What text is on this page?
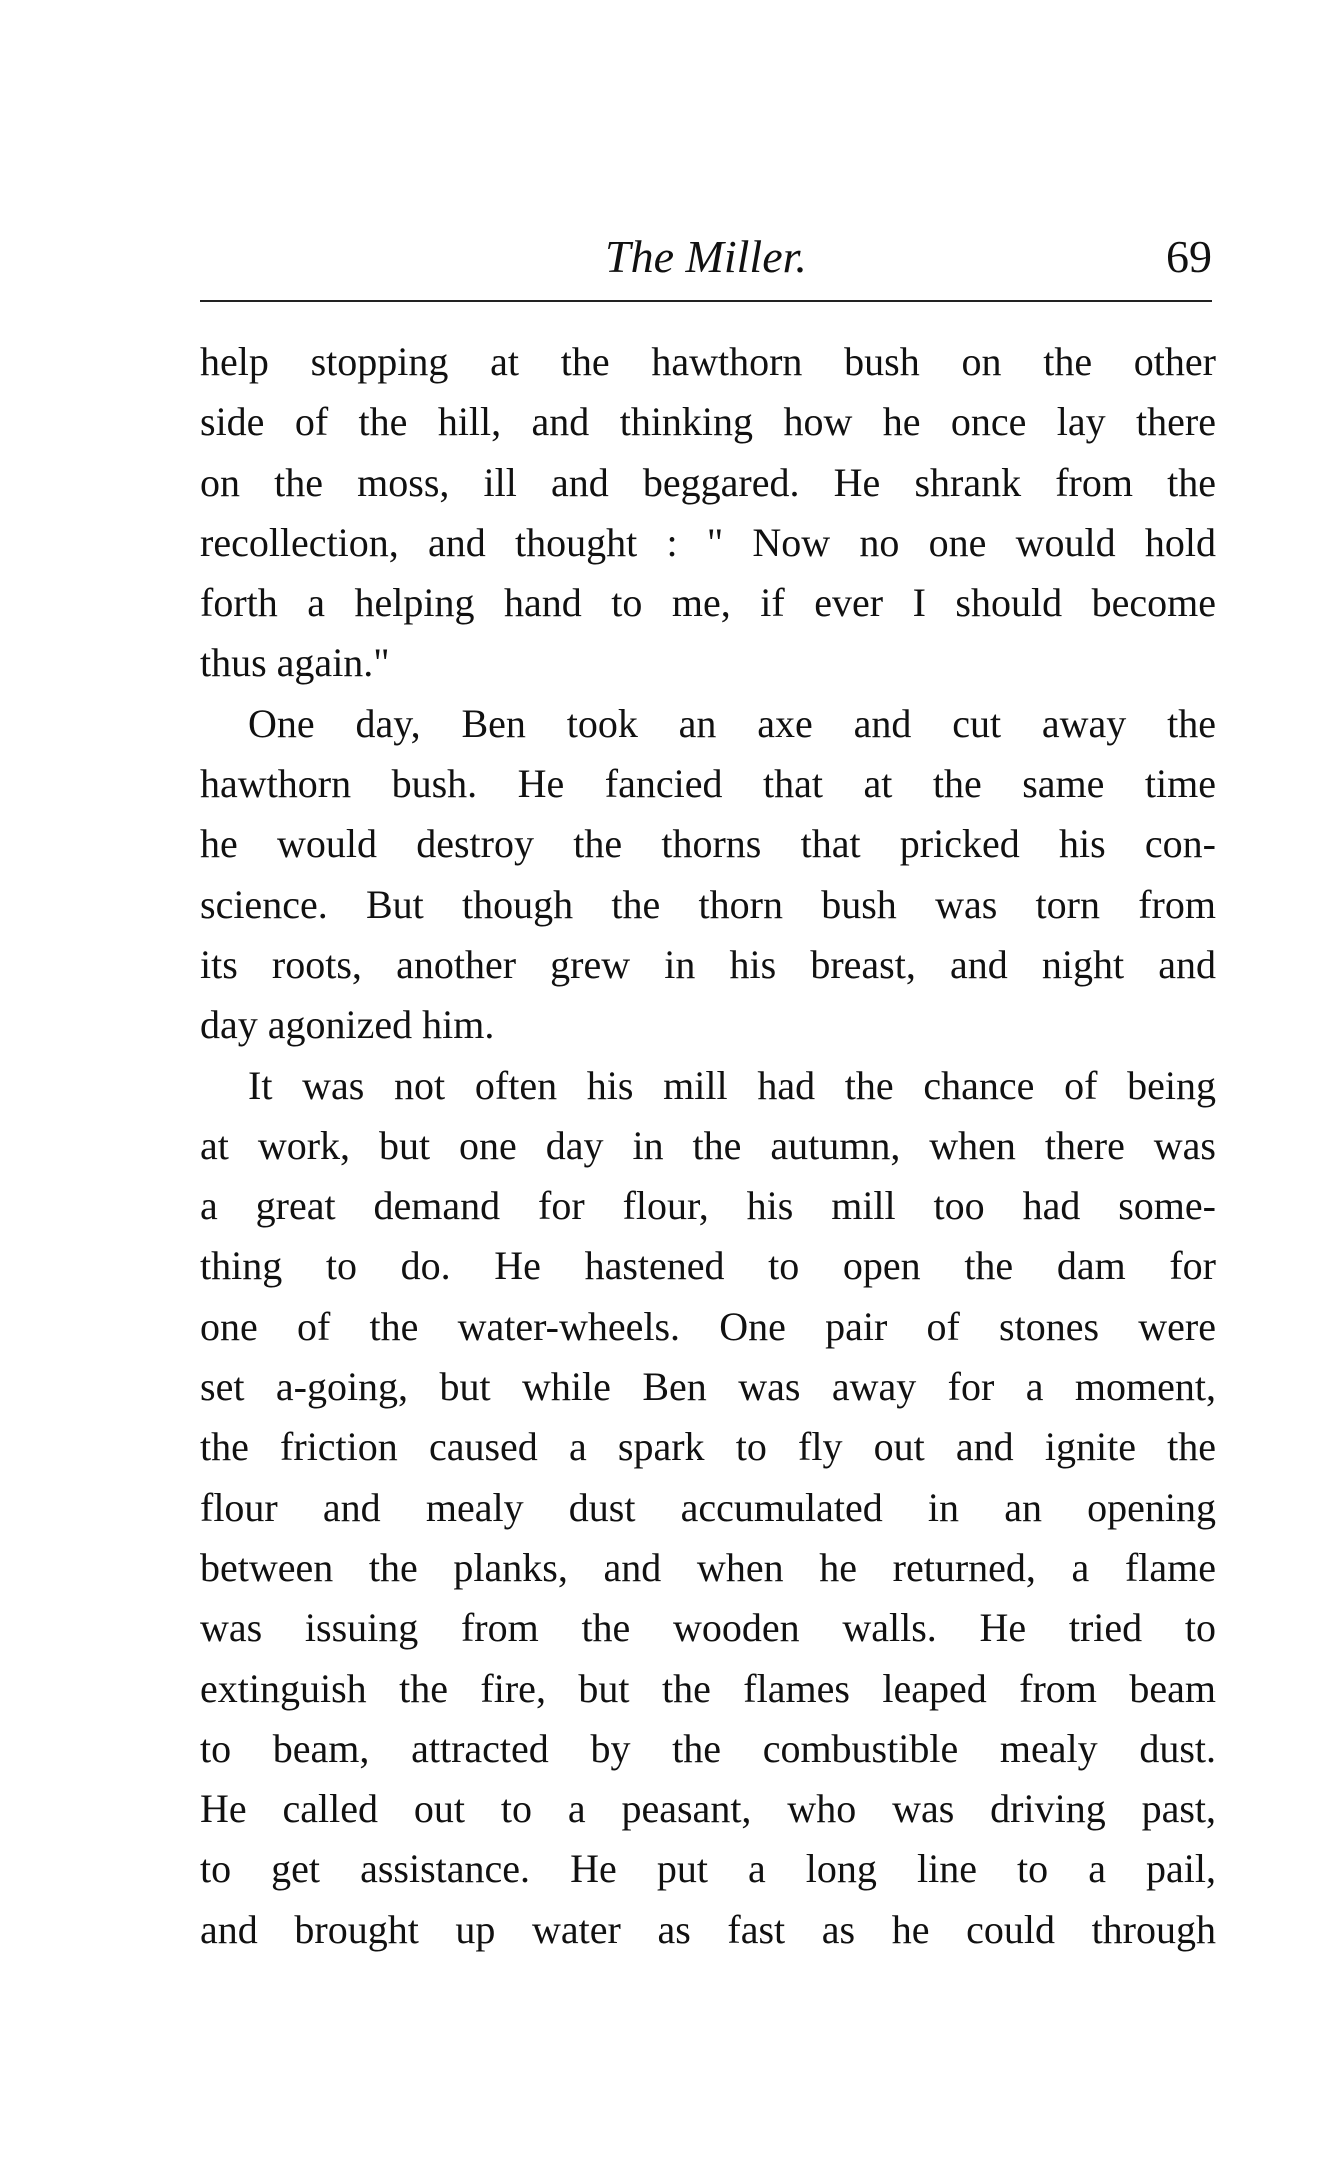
The Miller.	69
help stopping at the hawthorn bush on the other
side of the hill, and thinking how he once lay there
on the moss, ill and beggared. He shrank from the
recollection, and thought : " Now no one would hold
forth a helping hand to me, if ever I should become
thus again."
One day, Ben took an axe and cut away the
hawthorn bush. He fancied that at the same time
he would destroy the thorns that pricked his con-
science. But though the thorn bush was torn from
its roots, another grew in his breast, and night and
day agonized him.
It was not often his mill had the chance of being
at work, but one day in the autumn, when there was
a great demand for flour, his mill too had some-
thing to do. He hastened to open the dam for
one of the water-wheels. One pair of stones were
set a-going, but while Ben was away for a moment,
the friction caused a spark to fly out and ignite the
flour and mealy dust accumulated in an opening
between the planks, and when he returned, a flame
was issuing from the wooden walls. He tried to
extinguish the fire, but the flames leaped from beam
to beam, attracted by the combustible mealy dust.
He called out to a peasant, who was driving past,
to get assistance. He put a long line to a pail,
and brought up water as fast as he could through
